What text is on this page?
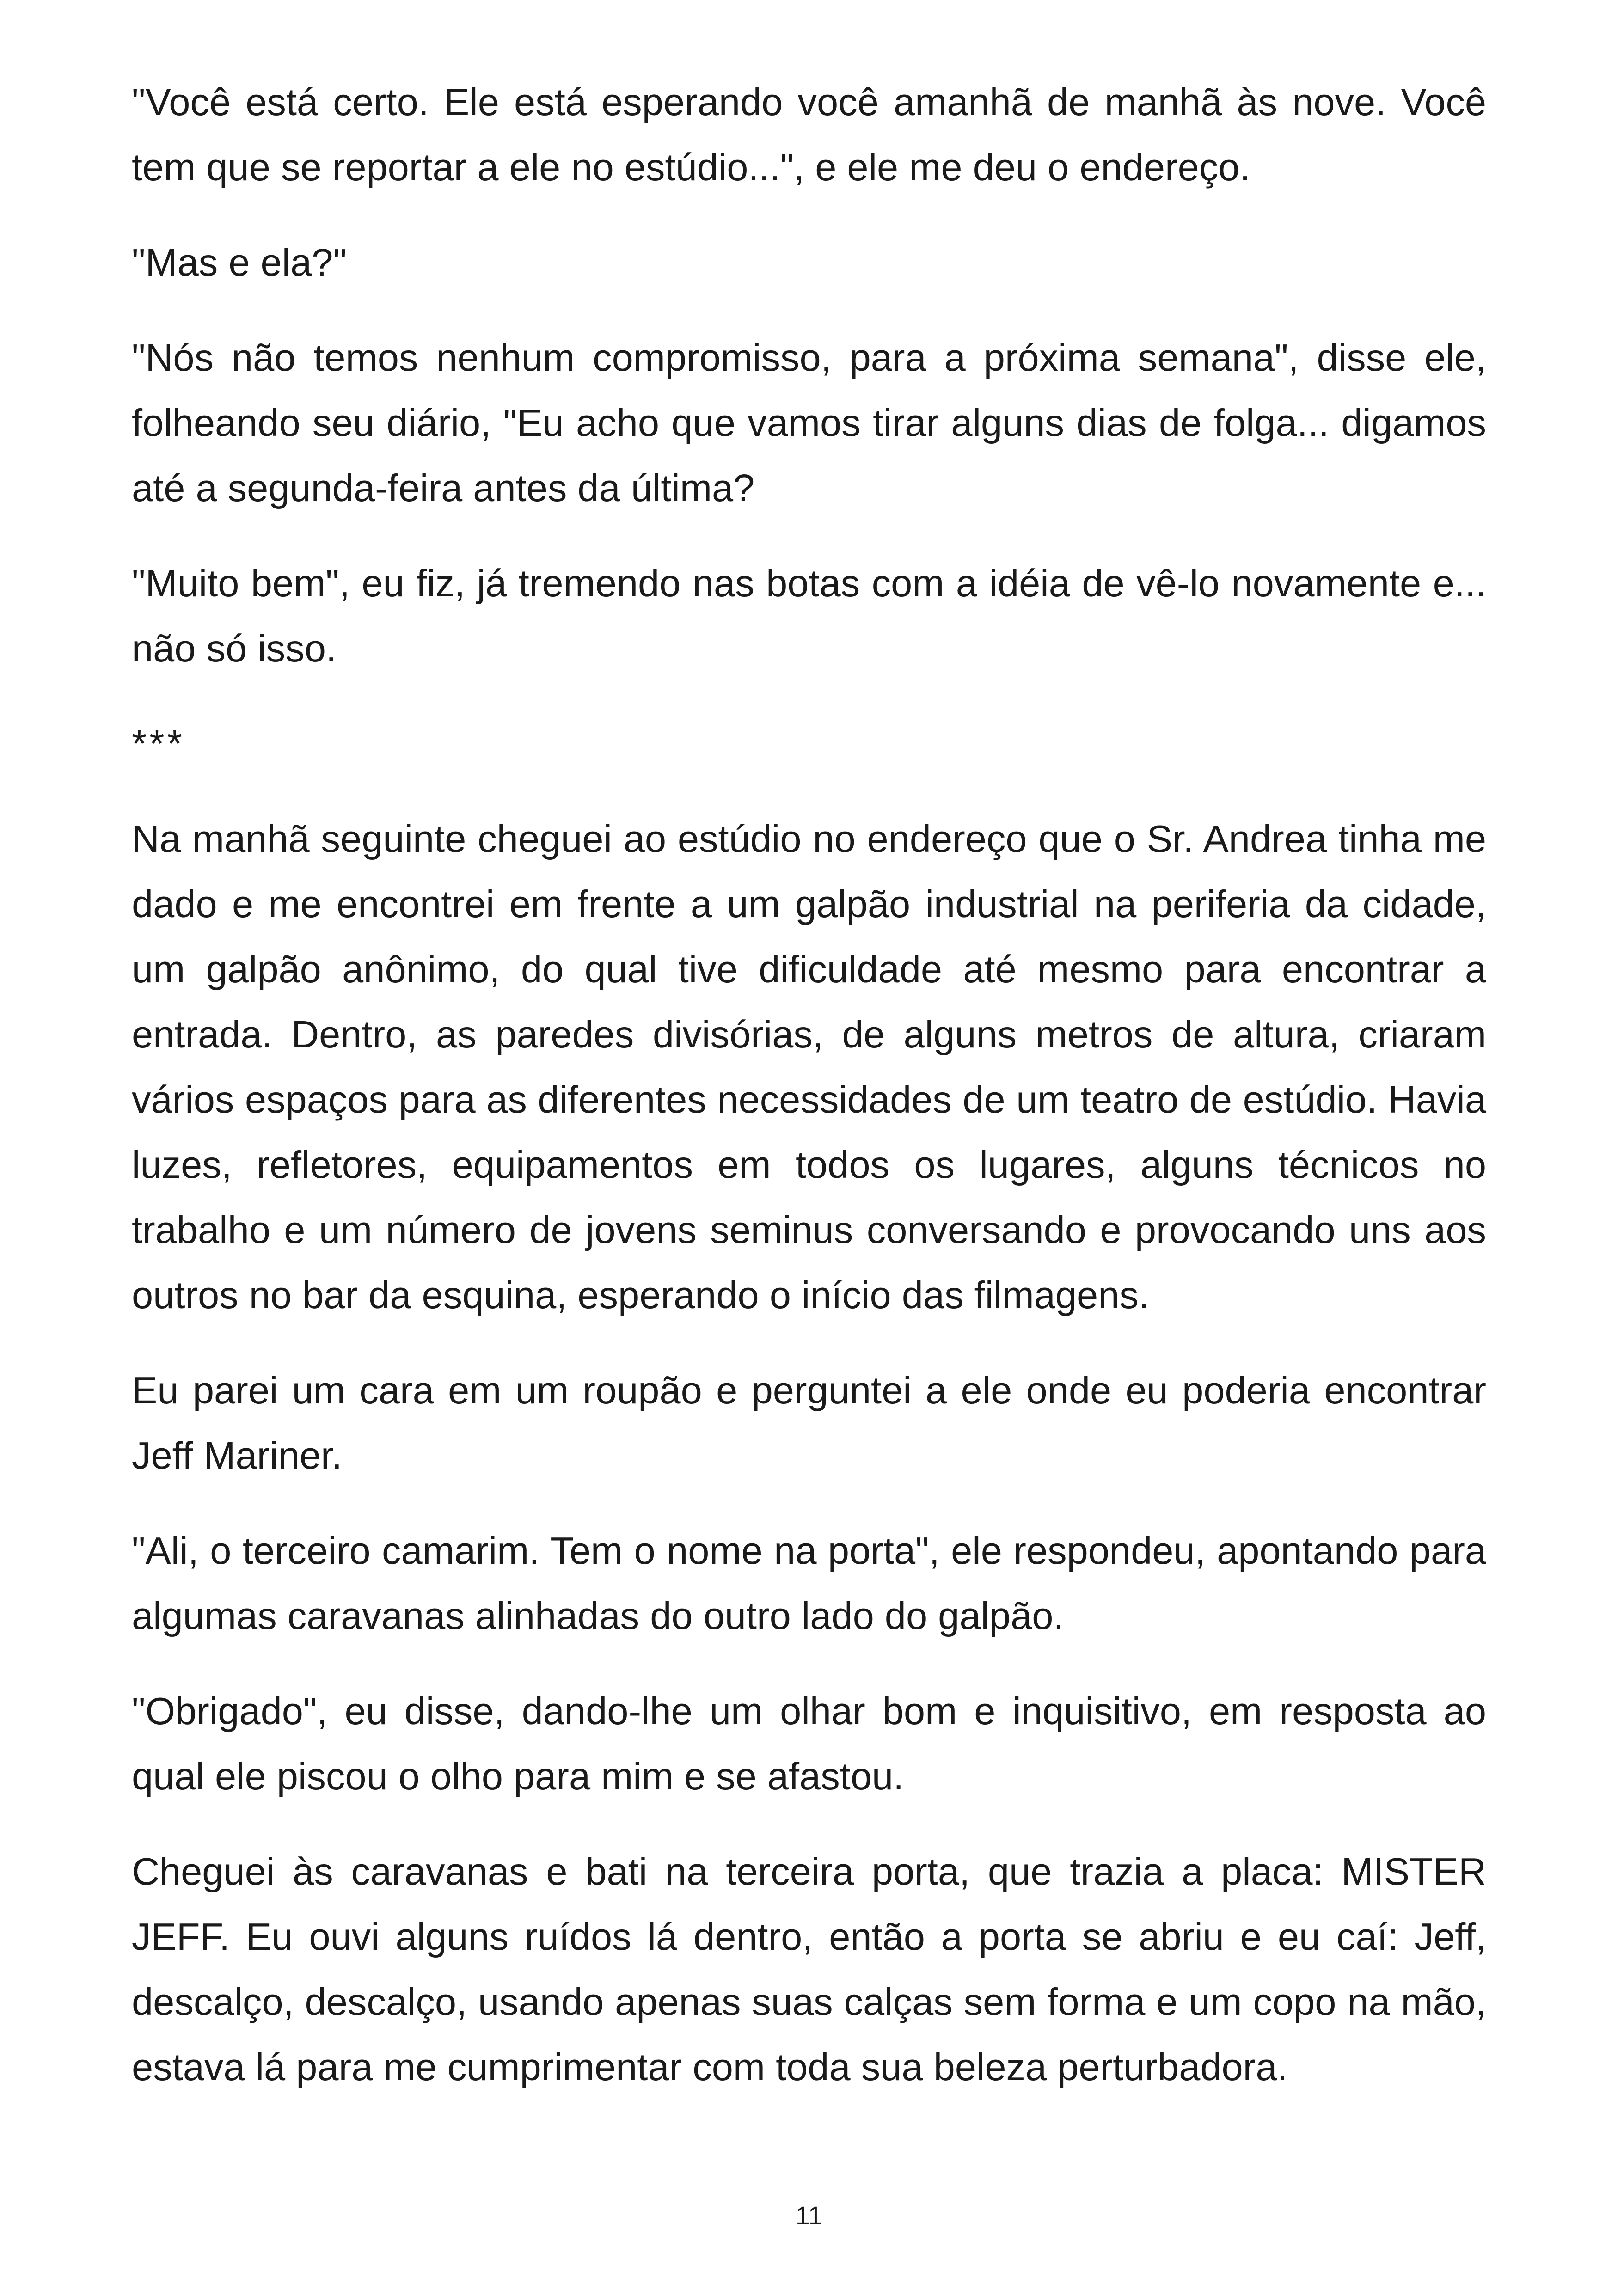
"Você está certo. Ele está esperando você amanhã de manhã às nove. Você tem que se reportar a ele no estúdio...", e ele me deu o endereço.

"Mas e ela?"

"Nós não temos nenhum compromisso, para a próxima semana", disse ele, folheando seu diário, "Eu acho que vamos tirar alguns dias de folga... digamos até a segunda-feira antes da última?

"Muito bem", eu fiz, já tremendo nas botas com a idéia de vê-lo novamente e... não só isso.

***

Na manhã seguinte cheguei ao estúdio no endereço que o Sr. Andrea tinha me dado e me encontrei em frente a um galpão industrial na periferia da cidade, um galpão anônimo, do qual tive dificuldade até mesmo para encontrar a entrada. Dentro, as paredes divisórias, de alguns metros de altura, criaram vários espaços para as diferentes necessidades de um teatro de estúdio. Havia luzes, refletores, equipamentos em todos os lugares, alguns técnicos no trabalho e um número de jovens seminus conversando e provocando uns aos outros no bar da esquina, esperando o início das filmagens.

Eu parei um cara em um roupão e perguntei a ele onde eu poderia encontrar Jeff Mariner.

"Ali, o terceiro camarim. Tem o nome na porta", ele respondeu, apontando para algumas caravanas alinhadas do outro lado do galpão.

"Obrigado", eu disse, dando-lhe um olhar bom e inquisitivo, em resposta ao qual ele piscou o olho para mim e se afastou.

Cheguei às caravanas e bati na terceira porta, que trazia a placa: MISTER JEFF. Eu ouvi alguns ruídos lá dentro, então a porta se abriu e eu caí: Jeff, descalço, descalço, usando apenas suas calças sem forma e um copo na mão, estava lá para me cumprimentar com toda sua beleza perturbadora.

11
